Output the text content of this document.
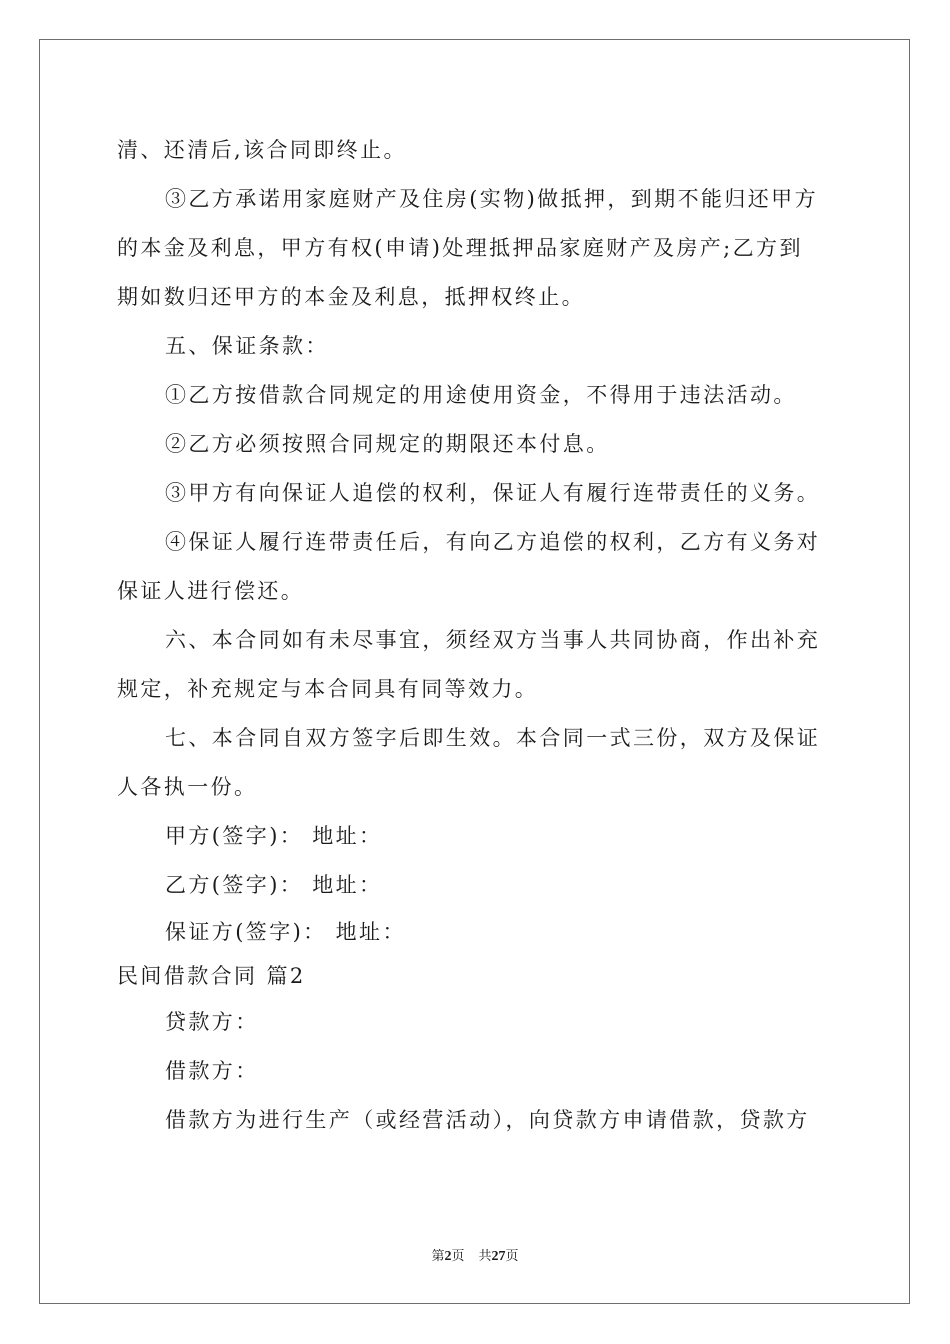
清、还清后,该合同即终止。
③乙方承诺用家庭财产及住房(实物)做抵押，到期不能归还甲方
的本金及利息，甲方有权(申请)处理抵押品家庭财产及房产;乙方到
期如数归还甲方的本金及利息，抵押权终止。
五、保证条款：
①乙方按借款合同规定的用途使用资金，不得用于违法活动。
②乙方必须按照合同规定的期限还本付息。
③甲方有向保证人追偿的权利，保证人有履行连带责任的义务。
④保证人履行连带责任后，有向乙方追偿的权利，乙方有义务对
保证人进行偿还。
六、本合同如有未尽事宜，须经双方当事人共同协商，作出补充
规定，补充规定与本合同具有同等效力。
七、本合同自双方签字后即生效。本合同一式三份，双方及保证
人各执一份。
甲方(签字)： 地址：
乙方(签字)： 地址：
保证方(签字)： 地址：
民间借款合同 篇2
贷款方：
借款方：
借款方为进行生产（或经营活动），向贷款方申请借款，贷款方
第2页 共27页
